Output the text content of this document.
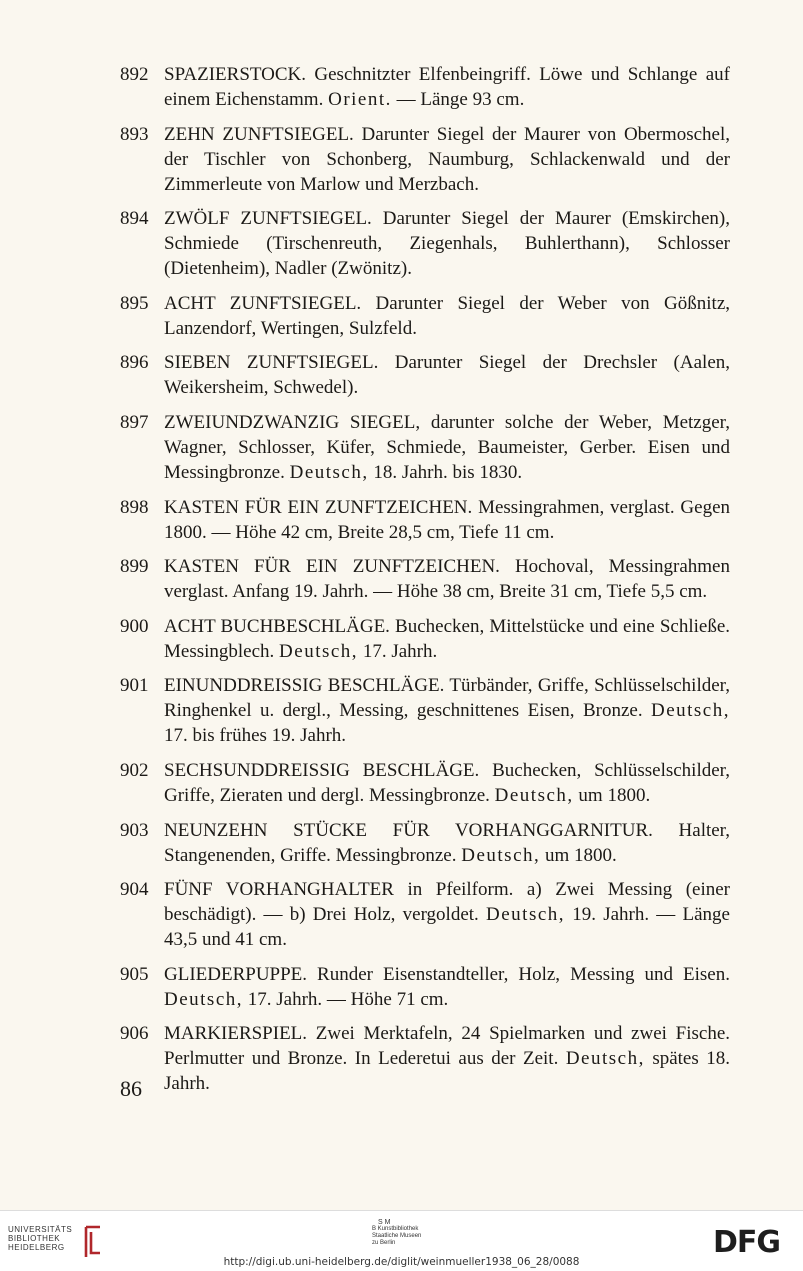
892 SPAZIERSTOCK. Geschnitzter Elfenbeingriff. Löwe und Schlange auf einem Eichenstamm. Orient. — Länge 93 cm.
893 ZEHN ZUNFTSIEGEL. Darunter Siegel der Maurer von Obermoschel, der Tischler von Schonberg, Naumburg, Schlackenwald und der Zimmerleute von Marlow und Merzbach.
894 ZWÖLF ZUNFTSIEGEL. Darunter Siegel der Maurer (Emskirchen), Schmiede (Tirschenreuth, Ziegenhals, Buhlerthann), Schlosser (Dietenheim), Nadler (Zwönitz).
895 ACHT ZUNFTSIEGEL. Darunter Siegel der Weber von Gößnitz, Lanzendorf, Wertingen, Sulzfeld.
896 SIEBEN ZUNFTSIEGEL. Darunter Siegel der Drechsler (Aalen, Weikersheim, Schwedel).
897 ZWEIUNDZWANZIG SIEGEL, darunter solche der Weber, Metzger, Wagner, Schlosser, Küfer, Schmiede, Baumeister, Gerber. Eisen und Messingbronze. Deutsch, 18. Jahrh. bis 1830.
898 KASTEN FÜR EIN ZUNFTZEICHEN. Messingrahmen, verglast. Gegen 1800. — Höhe 42 cm, Breite 28,5 cm, Tiefe 11 cm.
899 KASTEN FÜR EIN ZUNFTZEICHEN. Hochoval, Messingrahmen verglast. Anfang 19. Jahrh. — Höhe 38 cm, Breite 31 cm, Tiefe 5,5 cm.
900 ACHT BUCHBESCHLÄGE. Buchecken, Mittelstücke und eine Schließe. Messingblech. Deutsch, 17. Jahrh.
901 EINUNDDREISSIG BESCHLÄGE. Türbänder, Griffe, Schlüsselschilder, Ringhenkel u. dergl., Messing, geschnittenes Eisen, Bronze. Deutsch, 17. bis frühes 19. Jahrh.
902 SECHSUNDDREISSIG BESCHLÄGE. Buchecken, Schlüsselschilder, Griffe, Zieraten und dergl. Messingbronze. Deutsch, um 1800.
903 NEUNZEHN STÜCKE FÜR VORHANGGARNITUR. Halter, Stangenenden, Griffe. Messingbronze. Deutsch, um 1800.
904 FÜNF VORHANGHALTER in Pfeilform. a) Zwei Messing (einer beschädigt). — b) Drei Holz, vergoldet. Deutsch, 19. Jahrh. — Länge 43,5 und 41 cm.
905 GLIEDERPUPPE. Runder Eisenstandteller, Holz, Messing und Eisen. Deutsch, 17. Jahrh. — Höhe 71 cm.
906 MARKIERSPIEL. Zwei Merktafeln, 24 Spielmarken und zwei Fische. Perlmutter und Bronze. In Lederetui aus der Zeit. Deutsch, spätes 18. Jahrh.
86
UNIVERSITÄTS
BIBLIOTHEK
HEIDELBERG
S M
B Kunstbibliothek
Staatliche Museen
zu Berlin	DFG
http://digi.ub.uni-heidelberg.de/diglit/weinmueller1938_06_28/0088
